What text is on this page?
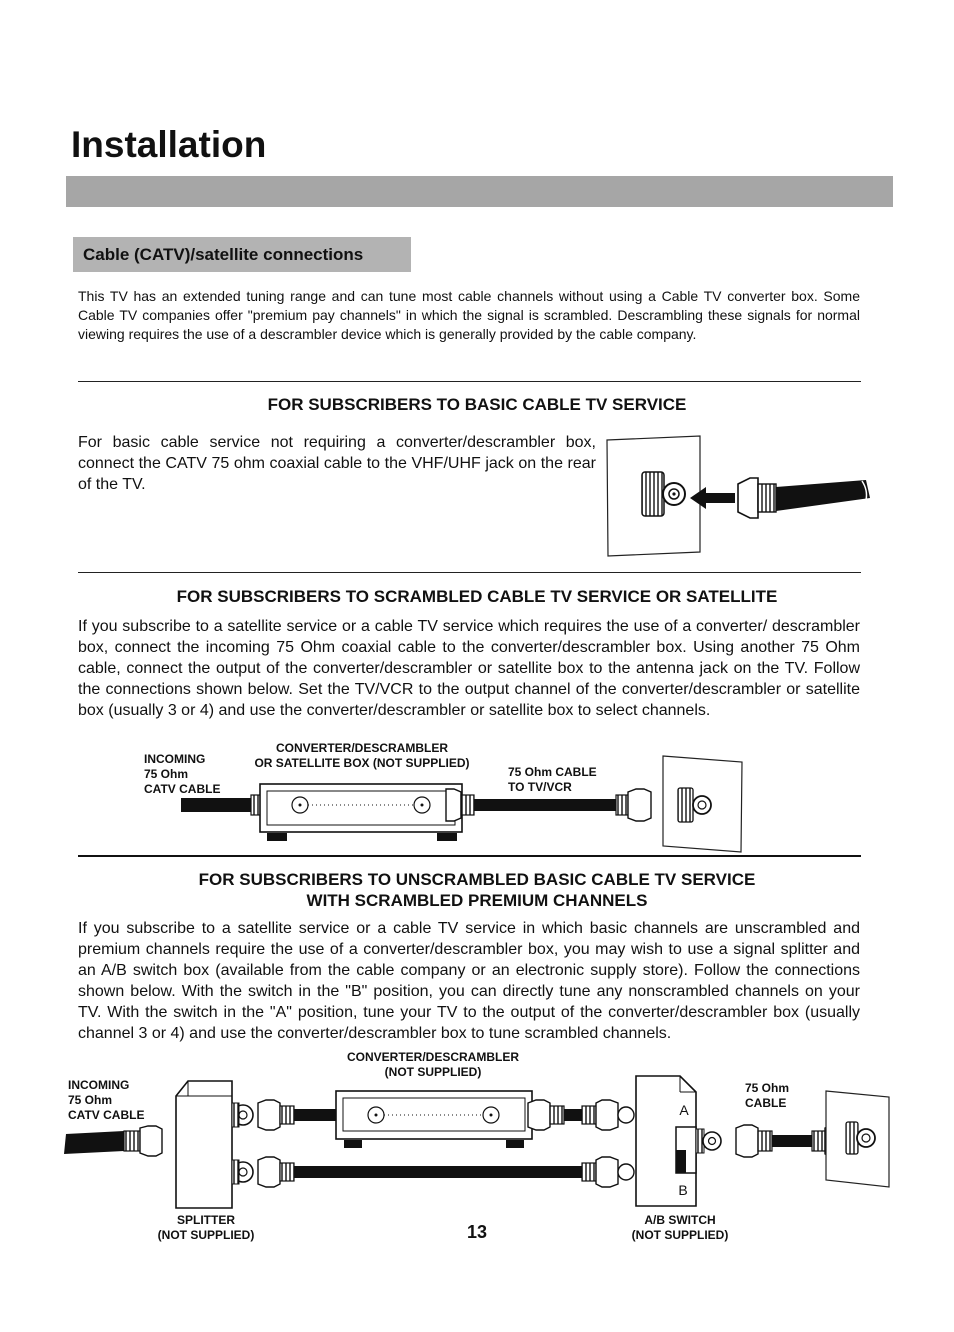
Installation
Cable (CATV)/satellite connections

This TV has an extended tuning range and can tune most cable channels without using a Cable TV converter box. Some Cable TV companies offer "premium pay channels" in which the signal is scrambled. Descrambling these signals for normal viewing requires the use of a descrambler device which is generally provided by the cable company.

FOR SUBSCRIBERS TO BASIC CABLE TV SERVICE

For basic cable service not requiring a converter/descrambler box, connect the CATV 75 ohm coaxial cable to the VHF/UHF jack on the rear of the TV.

FOR SUBSCRIBERS TO SCRAMBLED CABLE TV SERVICE OR SATELLITE

If you subscribe to a satellite service or a cable TV service which requires the use of a converter/ descrambler box, connect the incoming 75 Ohm coaxial cable to the converter/descrambler box. Using another 75 Ohm cable, connect the output of the converter/descrambler or satellite box to the antenna jack on the TV. Follow the connections shown below. Set the TV/VCR to the output channel of the converter/descrambler or satellite box (usually 3 or 4) and use the converter/descrambler or satellite box to select channels.

INCOMING
75 Ohm
CATV CABLE

CONVERTER/DESCRAMBLER
OR SATELLITE BOX (NOT SUPPLIED)

75 Ohm CABLE
TO TV/VCR

FOR SUBSCRIBERS TO UNSCRAMBLED BASIC CABLE TV SERVICE
WITH SCRAMBLED PREMIUM CHANNELS

If you subscribe to a satellite service or a cable TV service in which basic channels are unscrambled and premium channels require the use of a converter/descrambler box, you may wish to use a signal splitter and an A/B switch box (available from the cable company or an electronic supply store). Follow the connections shown below. With the switch in the "B" position, you can directly tune any nonscrambled channels on your TV. With the switch in the "A" position, tune your TV to the output of the converter/descrambler box (usually channel 3 or 4) and use the converter/descrambler box to tune scrambled channels.

CONVERTER/DESCRAMBLER
(NOT SUPPLIED)

INCOMING
75 Ohm
CATV CABLE

75 Ohm
CABLE

SPLITTER
(NOT SUPPLIED)

A/B SWITCH
(NOT SUPPLIED)

13

A
B
